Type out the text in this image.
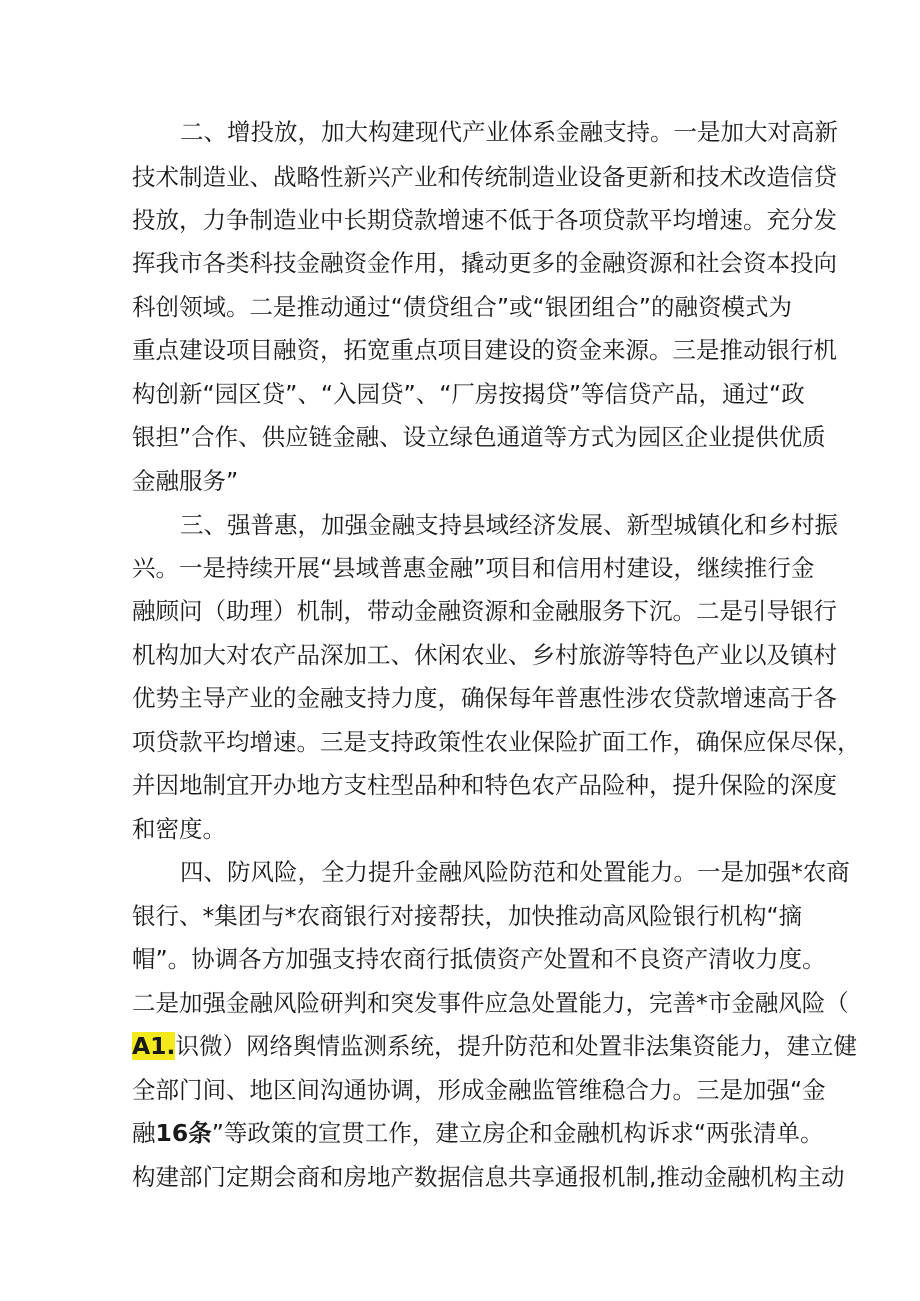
二、增投放，加大构建现代产业体系金融支持。一是加大对高新
技术制造业、战略性新兴产业和传统制造业设备更新和技术改造信贷
投放，力争制造业中长期贷款增速不低于各项贷款平均增速。充分发
挥我市各类科技金融资金作用，撬动更多的金融资源和社会资本投向
科创领域。二是推动通过“债贷组合”或“银团组合”的融资模式为
重点建设项目融资，拓宽重点项目建设的资金来源。三是推动银行机
构创新“园区贷”、“入园贷”、“厂房按揭贷”等信贷产品，通过“政
银担”合作、供应链金融、设立绿色通道等方式为园区企业提供优质
金融服务”
三、强普惠，加强金融支持县域经济发展、新型城镇化和乡村振
兴。一是持续开展“县域普惠金融”项目和信用村建设，继续推行金
融顾问（助理）机制，带动金融资源和金融服务下沉。二是引导银行
机构加大对农产品深加工、休闲农业、乡村旅游等特色产业以及镇村
优势主导产业的金融支持力度，确保每年普惠性涉农贷款增速高于各
项贷款平均增速。三是支持政策性农业保险扩面工作，确保应保尽保，
并因地制宜开办地方支柱型品种和特色农产品险种，提升保险的深度
和密度。
四、防风险，全力提升金融风险防范和处置能力。一是加强*农商
银行、*集团与*农商银行对接帮扶，加快推动高风险银行机构“摘
帽”。协调各方加强支持农商行抵债资产处置和不良资产清收力度。
二是加强金融风险研判和突发事件应急处置能力，完善*市金融风险（
A1.识微）网络舆情监测系统，提升防范和处置非法集资能力，建立健
全部门间、地区间沟通协调，形成金融监管维稳合力。三是加强“金
融16条”等政策的宣贯工作，建立房企和金融机构诉求“两张清单。
构建部门定期会商和房地产数据信息共享通报机制,推动金融机构主动
